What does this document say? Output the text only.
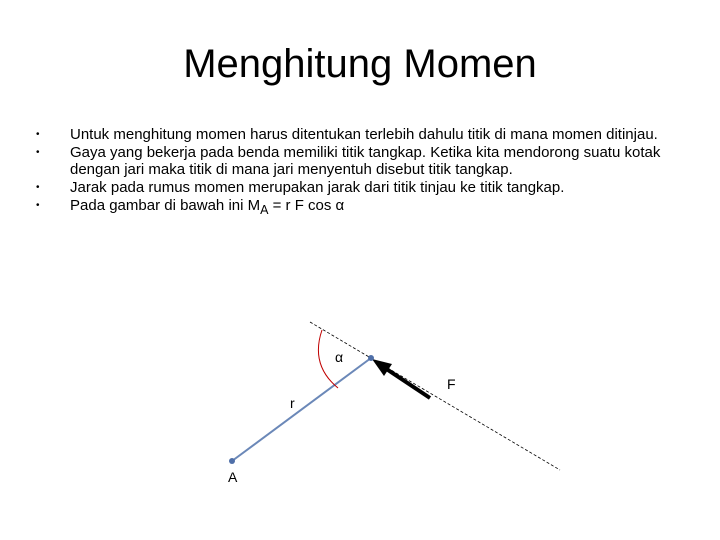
Menghitung Momen
•	Untuk menghitung momen harus ditentukan terlebih dahulu titik di mana momen ditinjau.
•	Gaya yang bekerja pada benda memiliki titik tangkap. Ketika kita mendorong suatu kotak dengan jari maka titik di mana jari menyentuh disebut titik tangkap.
•	Jarak pada rumus momen merupakan jarak dari titik tinjau ke titik tangkap.
•	Pada gambar di bawah ini $M_A = r$ F cos α
α
F
r
A
